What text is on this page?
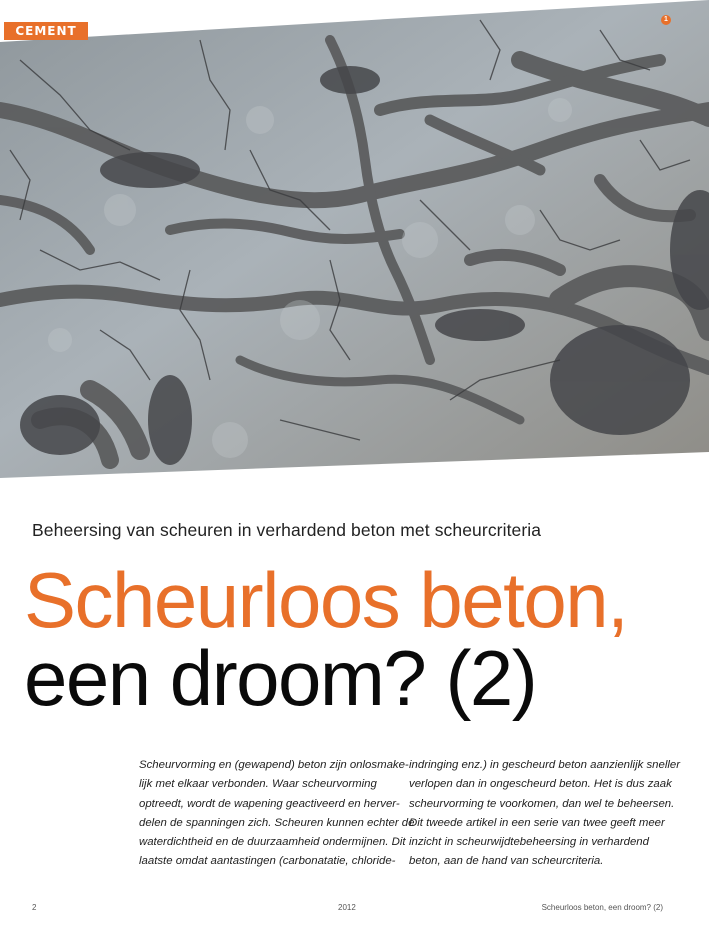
CEMENT
1
Beheersing van scheuren in verhardend beton met scheurcriteria
Scheurloos beton,
een droom? (2)
Scheurvorming en (gewapend) beton zijn onlosmake-
lijk met elkaar verbonden. Waar scheurvorming
optreedt, wordt de wapening geactiveerd en herver-
delen de spanningen zich. Scheuren kunnen echter de
waterdichtheid en de duurzaamheid ondermijnen. Dit
laatste omdat aantastingen (carbonatatie, chloride-
indringing enz.) in gescheurd beton aanzienlijk sneller
verlopen dan in ongescheurd beton. Het is dus zaak
scheurvorming te voorkomen, dan wel te beheersen.
Dit tweede artikel in een serie van twee geeft meer
inzicht in scheurwijdtebeheersing in verhardend
beton, aan de hand van scheurcriteria.
2	2012	Scheurloos beton, een droom? (2)
